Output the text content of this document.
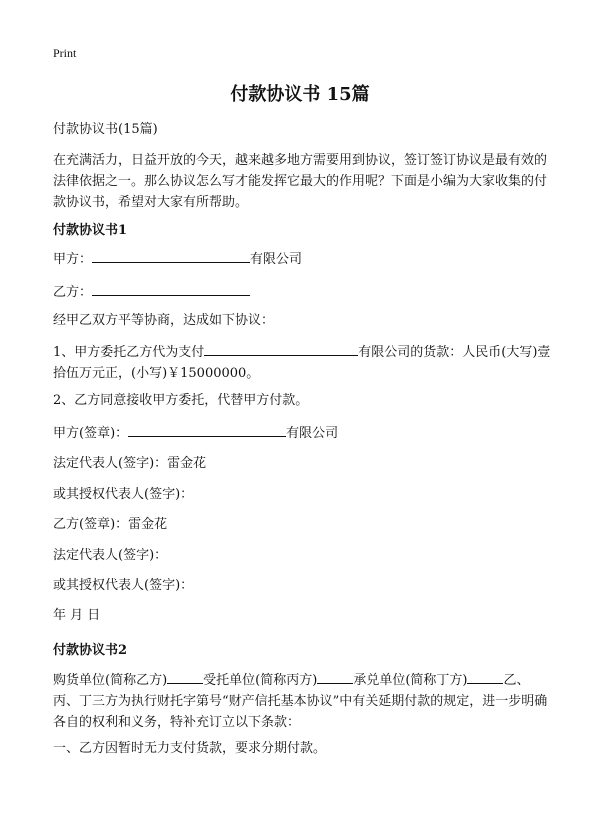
Print
付款协议书 15篇
付款协议书(15篇)
在充满活力，日益开放的今天，越来越多地方需要用到协议，签订签订协议是最有效的法律依据之一。那么协议怎么写才能发挥它最大的作用呢？下面是小编为大家收集的付款协议书，希望对大家有所帮助。
付款协议书1
甲方：	有限公司
乙方：
经甲乙双方平等协商，达成如下协议：
1、甲方委托乙方代为支付	有限公司的货款：人民币(大写)壹拾伍万元正，(小写)￥15000000。
2、乙方同意接收甲方委托，代替甲方付款。
甲方(签章)：	有限公司
法定代表人(签字)：雷金花
或其授权代表人(签字)：
乙方(签章)：雷金花
法定代表人(签字)：
或其授权代表人(签字)：
年 月 日
付款协议书2
购货单位(简称乙方)	受托单位(简称丙方)	承兑单位(简称丁方)	乙、丙、丁三方为执行财托字第号“财产信托基本协议”中有关延期付款的规定，进一步明确各自的权利和义务，特补充订立以下条款：
一、乙方因暂时无力支付货款，要求分期付款。
